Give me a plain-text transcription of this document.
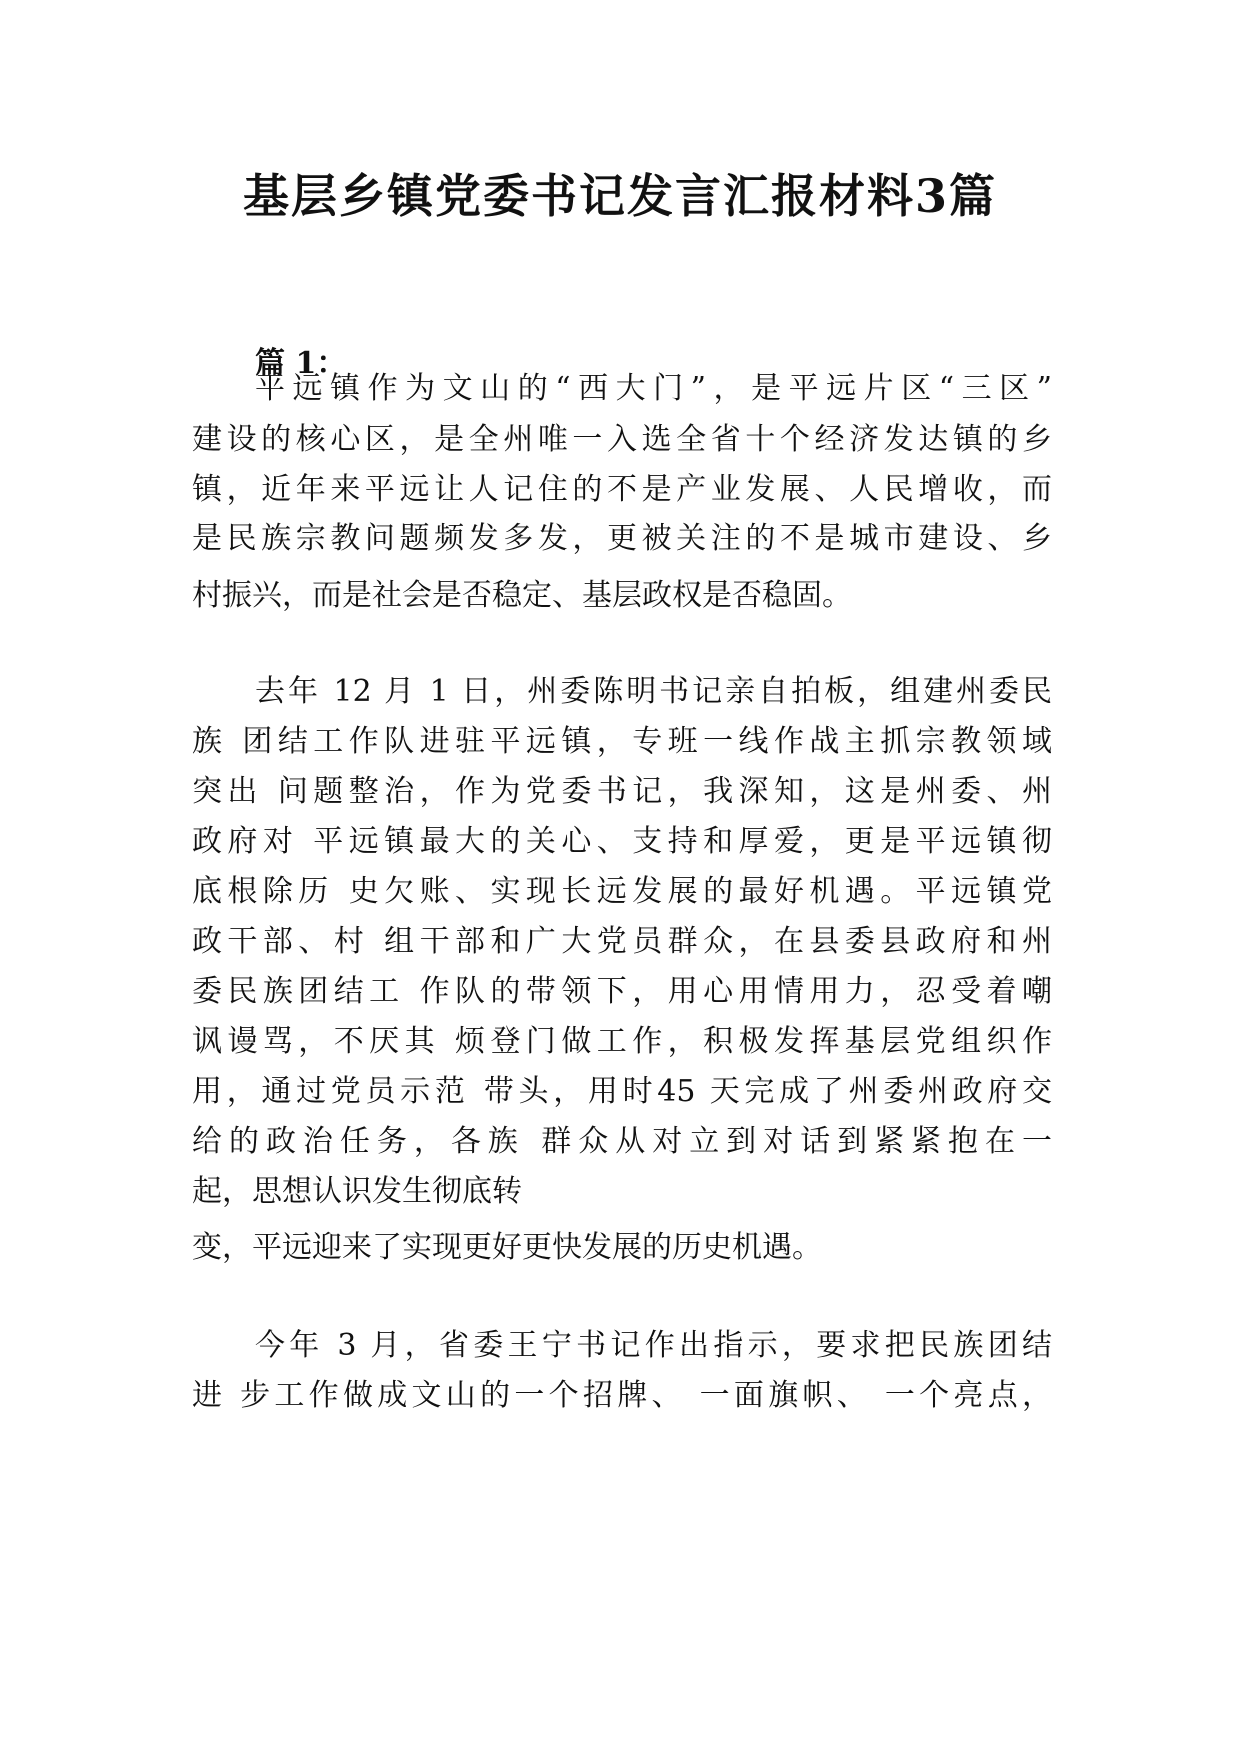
基层乡镇党委书记发言汇报材料3篇
篇 1：

平远镇作为文山的“西大门”，是平远片区“三区”

建设的核心区，是全州唯一入选全省十个经济发达镇的乡

镇，近年来平远让人记住的不是产业发展、人民增收，而

是民族宗教问题频发多发，更被关注的不是城市建设、乡

村振兴，而是社会是否稳定、基层政权是否稳固。

去年 12 月 1 日，州委陈明书记亲自拍板，组建州委民

族 团结工作队进驻平远镇，专班一线作战主抓宗教领域

突出 问题整治，作为党委书记，我深知，这是州委、州

政府对 平远镇最大的关心、支持和厚爱，更是平远镇彻

底根除历 史欠账、实现长远发展的最好机遇。平远镇党

政干部、村 组干部和广大党员群众，在县委县政府和州

委民族团结工 作队的带领下，用心用情用力，忍受着嘲

讽谩骂，不厌其 烦登门做工作，积极发挥基层党组织作

用，通过党员示范 带头，用时45 天完成了州委州政府交

给的政治任务，各族 群众从对立到对话到紧紧抱在一

起，思想认识发生彻底转

变，平远迎来了实现更好更快发展的历史机遇。

今年 3 月，省委王宁书记作出指示，要求把民族团结

进 步工作做成文山的一个招牌、 一面旗帜、 一个亮点，
